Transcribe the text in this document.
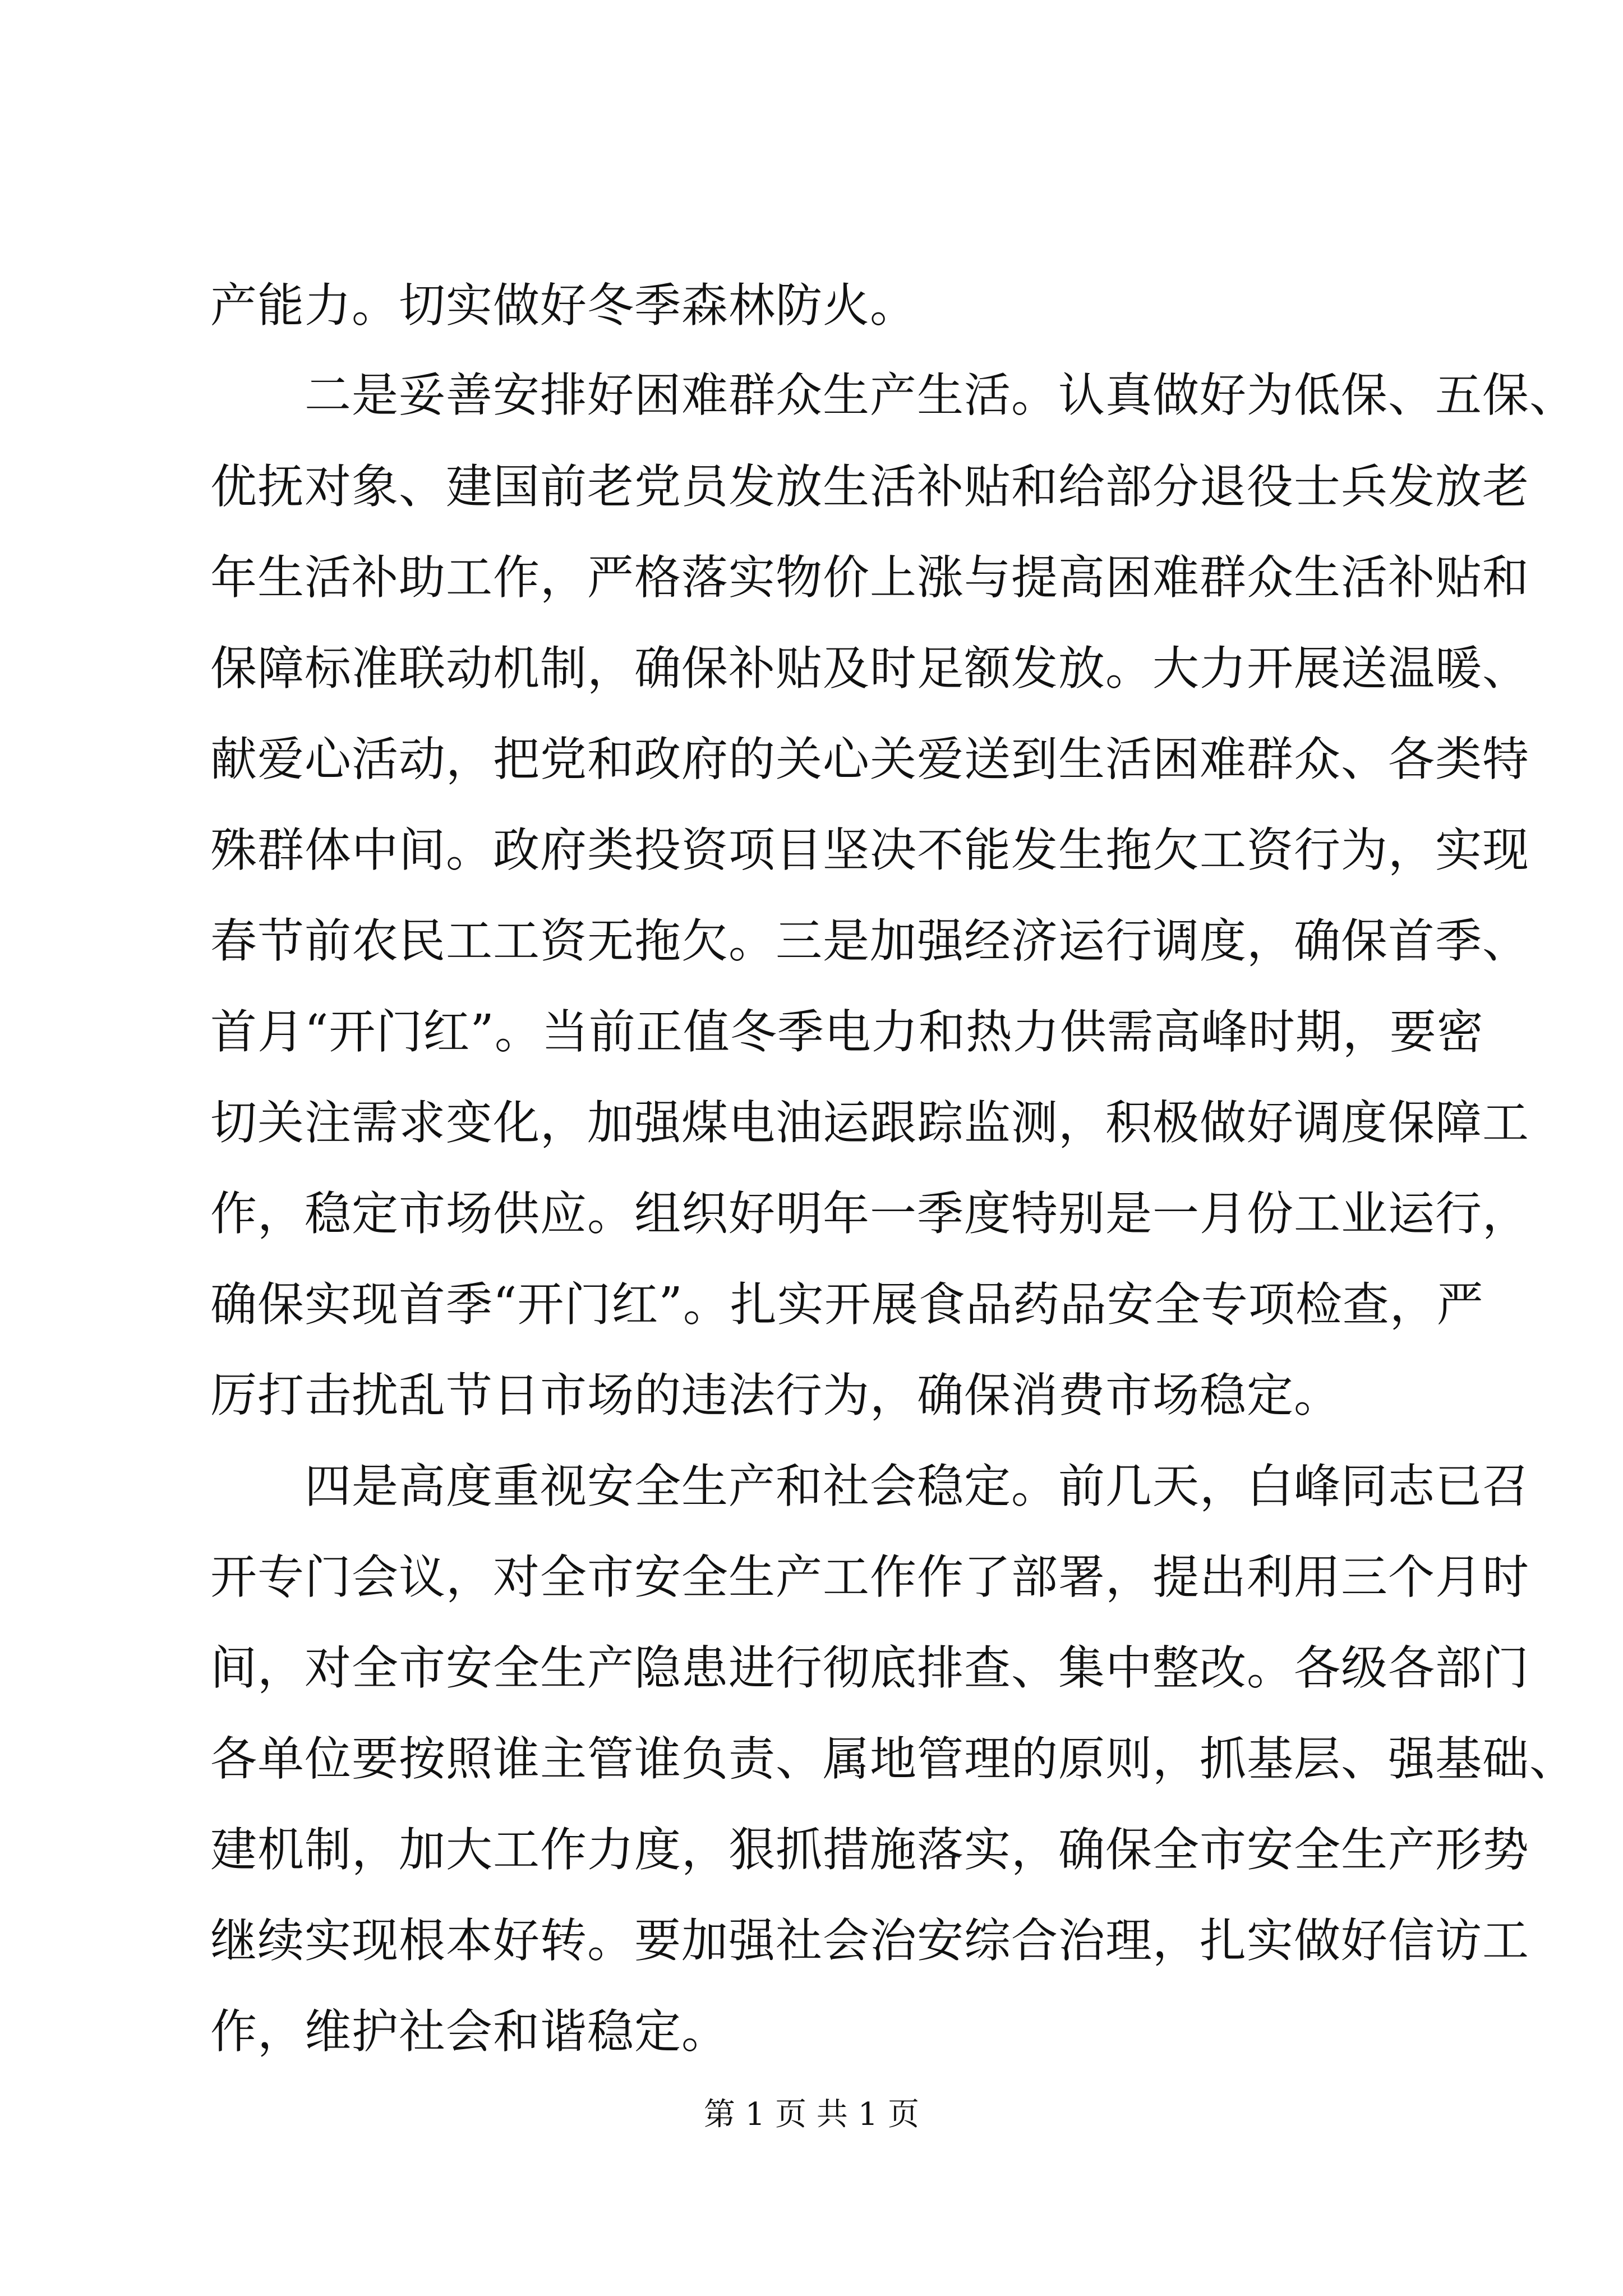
产能力。切实做好冬季森林防火。
二是妥善安排好困难群众生产生活。认真做好为低保、五保、
优抚对象、建国前老党员发放生活补贴和给部分退役士兵发放老
年生活补助工作，严格落实物价上涨与提高困难群众生活补贴和
保障标准联动机制，确保补贴及时足额发放。大力开展送温暖、
献爱心活动，把党和政府的关心关爱送到生活困难群众、各类特
殊群体中间。政府类投资项目坚决不能发生拖欠工资行为，实现
春节前农民工工资无拖欠。三是加强经济运行调度，确保首季、
首月“开门红”。当前正值冬季电力和热力供需高峰时期，要密
切关注需求变化，加强煤电油运跟踪监测，积极做好调度保障工
作，稳定市场供应。组织好明年一季度特别是一月份工业运行，
确保实现首季“开门红”。扎实开展食品药品安全专项检查，严
厉打击扰乱节日市场的违法行为，确保消费市场稳定。
四是高度重视安全生产和社会稳定。前几天，白峰同志已召
开专门会议，对全市安全生产工作作了部署，提出利用三个月时
间，对全市安全生产隐患进行彻底排查、集中整改。各级各部门
各单位要按照谁主管谁负责、属地管理的原则，抓基层、强基础、
建机制，加大工作力度，狠抓措施落实，确保全市安全生产形势
继续实现根本好转。要加强社会治安综合治理，扎实做好信访工
作，维护社会和谐稳定。
第 1 页 共 1 页
